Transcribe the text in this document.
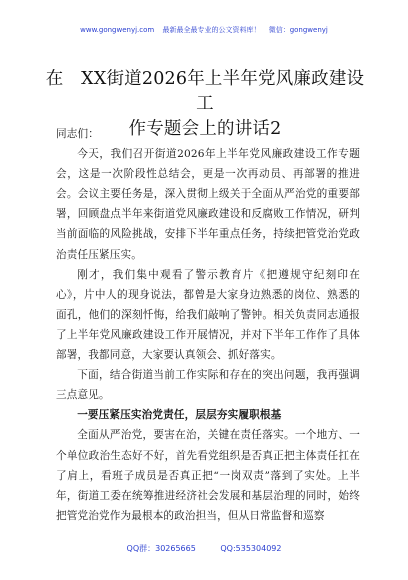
www.gongwenyj.com 最新最全最专业的公文资料库！ 微信：gongwenyj
在　XX街道2026年上半年党风廉政建设工
作专题会上的讲话2

同志们：

今天，我们召开街道2026年上半年党风廉政建设工作专题会，这是一次阶段性总结会，更是一次再动员、再部署的推进会。会议主要任务是，深入贯彻上级关于全面从严治党的重要部署，回顾盘点半年来街道党风廉政建设和反腐败工作情况，研判当前面临的风险挑战，安排下半年重点任务，持续把管党治党政治责任压紧压实。

刚才，我们集中观看了警示教育片《把遵规守纪刻印在心》，片中人的现身说法，都曾是大家身边熟悉的岗位、熟悉的面孔，他们的深刻忏悔，给我们敲响了警钟。相关负责同志通报了上半年党风廉政建设工作开展情况，并对下半年工作作了具体部署，我都同意，大家要认真领会、抓好落实。

下面，结合街道当前工作实际和存在的突出问题，我再强调三点意见。

一要压紧压实治党责任，层层夯实履职根基

全面从严治党，要害在治，关键在责任落实。一个地方、一个单位政治生态好不好，首先看党组织是否真正把主体责任扛在了肩上，看班子成员是否真正把“一岗双责”落到了实处。上半年，街道工委在统筹推进经济社会发展和基层治理的同时，始终把管党治党作为最根本的政治担当，但从日常监督和巡察

QQ群：30265665	QQ:535304092
